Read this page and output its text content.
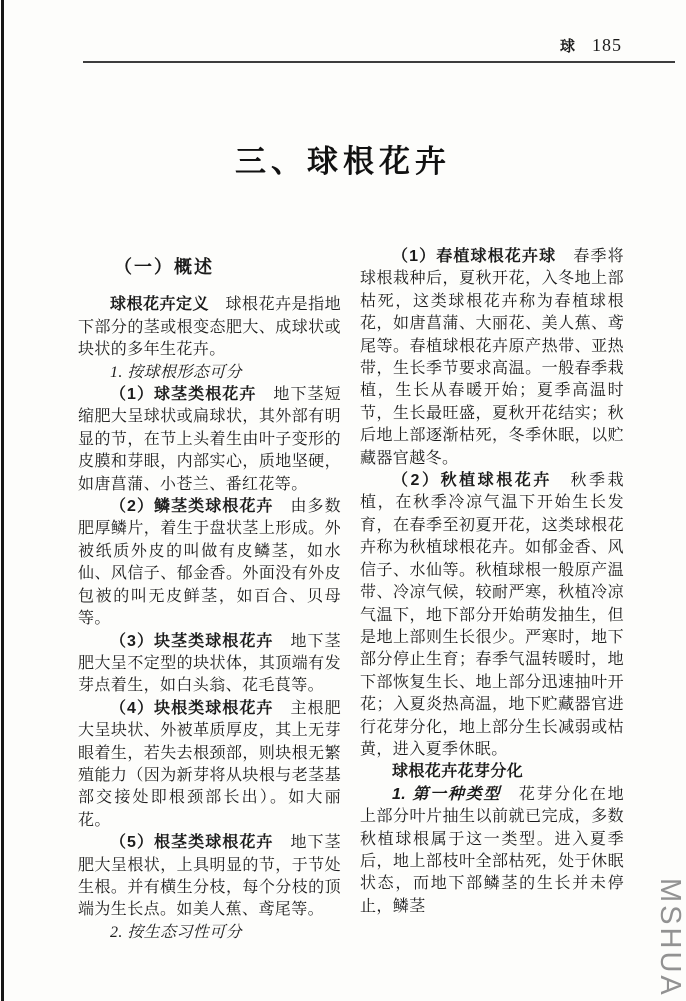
球 185
三、球根花卉
（一）概述

球根花卉定义　球根花卉是指地下部分的茎或根变态肥大、成球状或块状的多年生花卉。

1. 按球根形态可分

（1）球茎类根花卉　地下茎短缩肥大呈球状或扁球状，其外部有明显的节，在节上头着生由叶子变形的皮膜和芽眼，内部实心，质地坚硬，如唐菖蒲、小苍兰、番红花等。

（2）鳞茎类球根花卉　由多数肥厚鳞片，着生于盘状茎上形成。外被纸质外皮的叫做有皮鳞茎，如水仙、风信子、郁金香。外面没有外皮包被的叫无皮鲜茎，如百合、贝母等。

（3）块茎类球根花卉　地下茎肥大呈不定型的块状体，其顶端有发芽点着生，如白头翁、花毛茛等。

（4）块根类球根花卉　主根肥大呈块状、外被革质厚皮，其上无芽眼着生，若失去根颈部，则块根无繁殖能力（因为新芽将从块根与老茎基部交接处即根颈部长出）。如大丽花。

（5）根茎类球根花卉　地下茎肥大呈根状，上具明显的节，于节处生根。并有横生分枝，每个分枝的顶端为生长点。如美人蕉、鸢尾等。

2. 按生态习性可分

（1）春植球根花卉球　春季将球根栽种后，夏秋开花，入冬地上部枯死，这类球根花卉称为春植球根花，如唐菖蒲、大丽花、美人蕉、鸢尾等。春植球根花卉原产热带、亚热带，生长季节要求高温。一般春季栽植，生长从春暖开始；夏季高温时节，生长最旺盛，夏秋开花结实；秋后地上部逐渐枯死，冬季休眠，以贮藏器官越冬。

（2）秋植球根花卉　秋季栽植，在秋季冷凉气温下开始生长发育，在春季至初夏开花，这类球根花卉称为秋植球根花卉。如郁金香、风信子、水仙等。秋植球根一般原产温带、冷凉气候，较耐严寒，秋植冷凉气温下，地下部分开始萌发抽生，但是地上部则生长很少。严寒时，地下部分停止生育；春季气温转暖时，地下部恢复生长、地上部分迅速抽叶开花；入夏炎热高温，地下贮藏器官进行花芽分化，地上部分生长减弱或枯黄，进入夏季休眠。

球根花卉花芽分化

1. 第一种类型　花芽分化在地上部分叶片抽生以前就已完成，多数秋植球根属于这一类型。进入夏季后，地上部枝叶全部枯死，处于休眠状态，而地下部鳞茎的生长并未停止，鳞茎	MSHUA
